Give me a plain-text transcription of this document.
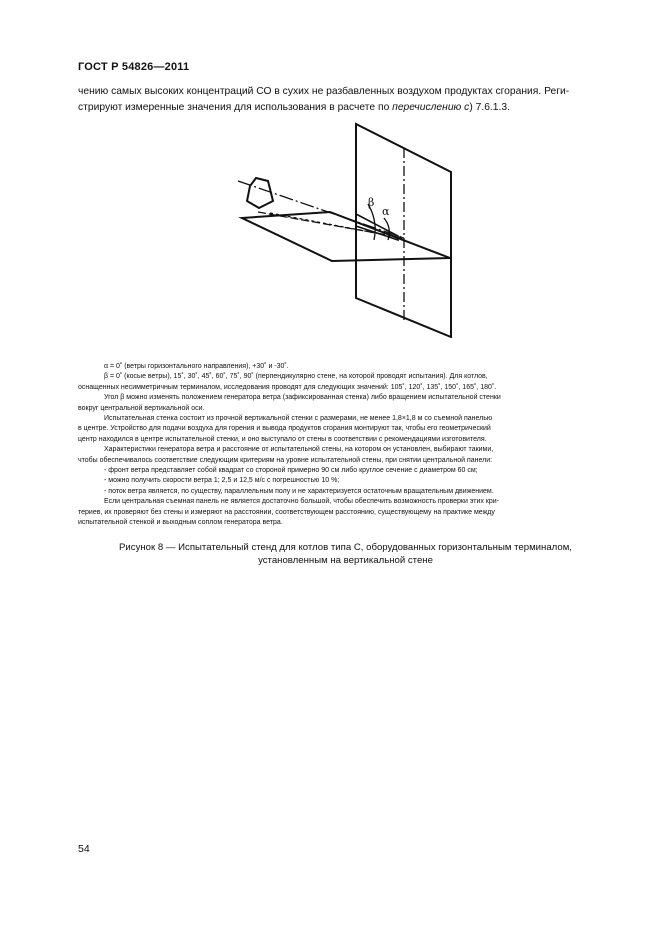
ГОСТ Р 54826—2011
чению самых высоких концентраций СО в сухих не разбавленных воздухом продуктах сгорания. Реги-
стрируют измеренные значения для использования в расчете по перечислению с) 7.6.1.3.
β
α

α = 0˚ (ветры горизонтального направления), +30˚ и -30˚.

β = 0˚ (косые ветры), 15˚, 30˚, 45˚, 60˚, 75˚, 90˚ (перпендикулярно стене, на которой проводят испытания). Для котлов,

оснащенных несимметричным терминалом, исследования проводят для следующих значений: 105˚, 120˚, 135˚, 150˚, 165˚, 180˚.

Угол β можно изменять положением генератора ветра (зафиксированная стенка) либо вращением испытательной стенки

вокруг центральной вертикальной оси.

Испытательная стенка состоит из прочной вертикальной стенки с размерами, не менее 1,8×1,8 м со съемной панелью

в центре. Устройство для подачи воздуха для горения и вывода продуктов сгорания монтируют так, чтобы его геометрический

центр находился в центре испытательной стенки, и оно выступало от стены в соответствии с рекомендациями изготовителя.

Характеристики генератора ветра и расстояние от испытательной стены, на котором он установлен, выбирают такими,

чтобы обеспечивалось соответствие следующим критериям на уровне испытательной стены, при снятии центральной панели:

- фронт ветра представляет собой квадрат со стороной примерно 90 см либо круглое сечение с диаметром 60 см;

- можно получить скорости ветра 1; 2,5 и 12,5 м/с с погрешностью 10 %;

- поток ветра является, по существу, параллельным полу и не характеризуется остаточным вращательным движением.

Если центральная съемная панель не является достаточно большой, чтобы обеспечить возможность проверки этих кри-

териев, их проверяют без стены и измеряют на расстоянии, соответствующем расстоянию, существующему на практике между

испытательной стенкой и выходным соплом генератора ветра.

Рисунок 8 — Испытательный стенд для котлов типа С, оборудованных горизонтальным терминалом,
установленным на вертикальной стене
54
